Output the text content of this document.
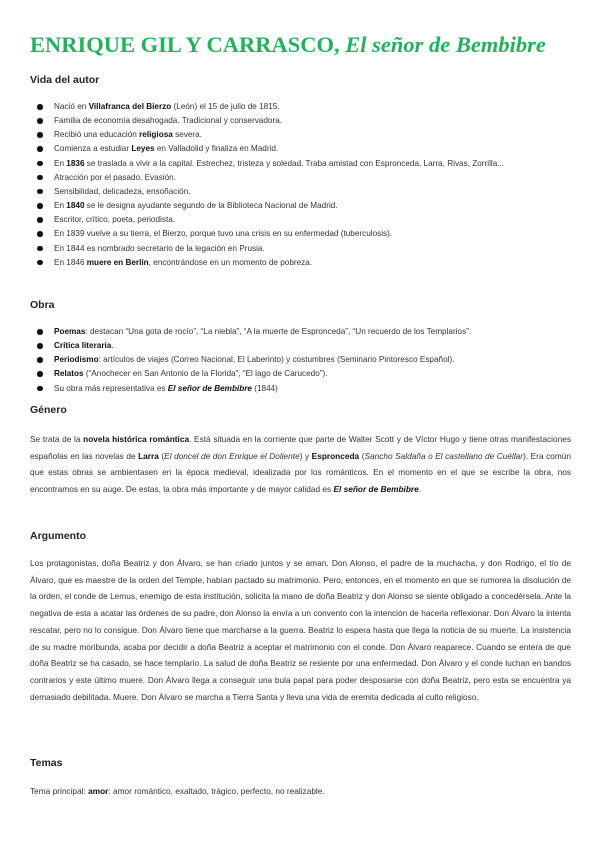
ENRIQUE GIL Y CARRASCO, El señor de Bembibre
Vida del autor
Nació en Villafranca del Bierzo (León) el 15 de julio de 1815.
Familia de economía desahogada. Tradicional y conservadora.
Recibió una educación religiosa severa.
Comienza a estudiar Leyes en Valladolid y finaliza en Madrid.
En 1836 se traslada a vivir a la capital. Estrechez, tristeza y soledad. Traba amistad con Espronceda, Larra, Rivas, Zorrilla...
Atracción por el pasado. Evasión.
Sensibilidad, delicadeza, ensoñación.
En 1840 se le designa ayudante segundo de la Biblioteca Nacional de Madrid.
Escritor, crítico, poeta, periodista.
En 1839 vuelve a su tierra, el Bierzo, porque tuvo una crisis en su enfermedad (tuberculosis).
En 1844 es nombrado secretario de la legación en Prusia.
En 1846 muere en Berlín, encontrándose en un momento de pobreza.
Obra
Poemas: destacan “Una gota de rocío”, “La niebla”, “A la muerte de Espronceda”, “Un recuerdo de los Templarios”.
Crítica literaria.
Periodismo: artículos de viajes (Correo Nacional; El Laberinto) y costumbres (Seminario Pintoresco Español).
Relatos (“Anochecer en San Antonio de la Florida”, “El lago de Carucedo”).
Su obra más representativa es El señor de Bembibre (1844)
Género

Se trata de la novela histórica romántica. Está situada en la corriente que parte de Walter Scott y de Víctor Hugo y tiene otras manifestaciones españolas en las novelas de Larra (El doncel de don Enrique el Doliente) y Espronceda (Sancho Saldaña o El castellano de Cuéllar). Era común que estas obras se ambientasen en la época medieval, idealizada por los románticos. En el momento en el que se escribe la obra, nos encontramos en su auge. De estas, la obra más importante y de mayor calidad es El señor de Bembibre.

Argumento

Los protagonistas, doña Beatriz y don Álvaro, se han criado juntos y se aman. Don Alonso, el padre de la muchacha, y don Rodrigo, el tío de Álvaro, que es maestre de la orden del Temple, habían pactado su matrimonio. Pero, entonces, en el momento en que se rumorea la disolución de la orden, el conde de Lemus, enemigo de esta institución, solicita la mano de doña Beatriz y don Alonso se siente obligado a concedérsela. Ante la negativa de esta a acatar las órdenes de su padre, don Alonso la envía a un convento con la intención de hacerla reflexionar. Don Álvaro la intenta rescatar, pero no lo consigue. Don Álvaro tiene que marcharse a la guerra. Beatriz lo espera hasta que llega la noticia de su muerte. La insistencia de su madre moribunda, acaba por decidir a doña Beatriz a aceptar el matrimonio con el conde. Don Álvaro reaparece. Cuando se entera de que doña Beatriz se ha casado, se hace templario. La salud de doña Beatriz se resiente por una enfermedad. Don Álvaro y el conde luchan en bandos contrarios y este último muere. Don Álvaro llega a conseguir una bula papal para poder desposarse con doña Beatriz, pero esta se encuentra ya demasiado debilitada. Muere. Don Álvaro se marcha a Tierra Santa y lleva una vida de eremita dedicada al culto religioso.

Temas

Tema principal: amor: amor romántico, exaltado, trágico, perfecto, no realizable.
